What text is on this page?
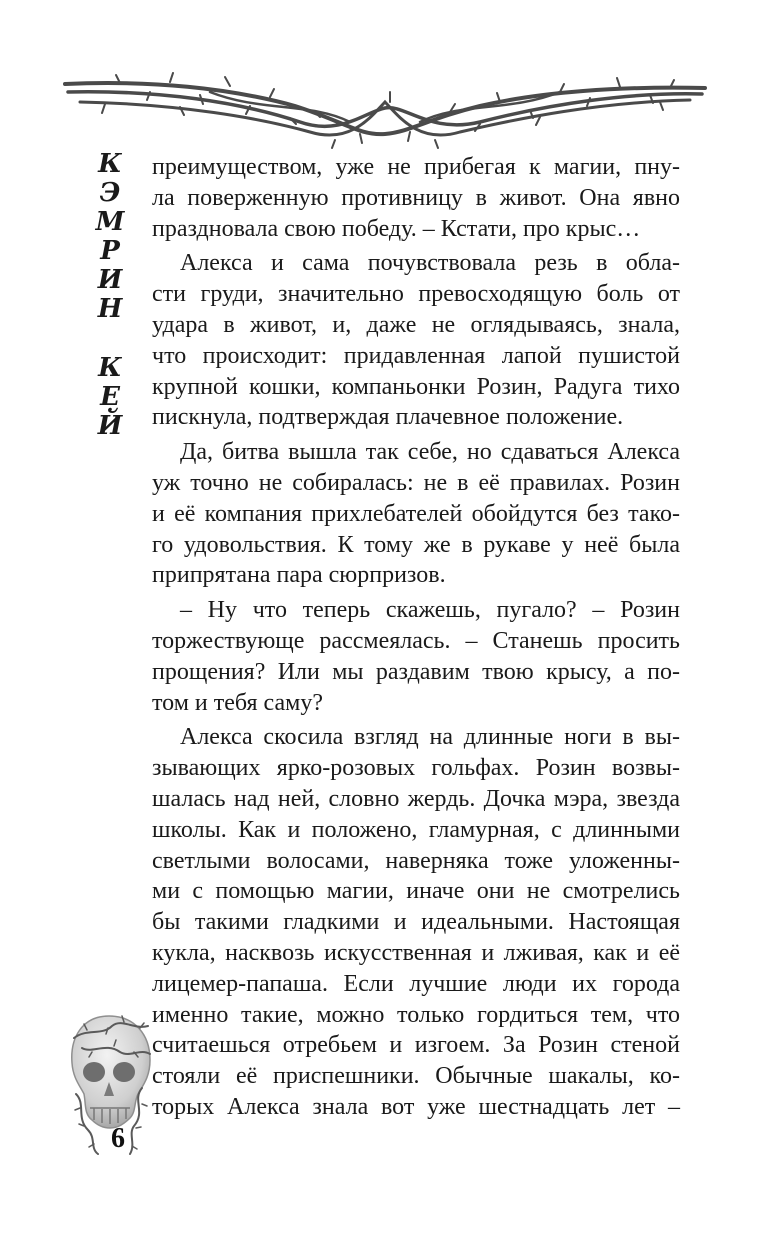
К
Э
М
Р
И
Н
К
Е
Й
преимуществом, уже не прибегая к магии, пну-
ла поверженную противницу в живот. Она явно
праздновала свою победу. – Кстати, про крыс…
Алекса и сама почувствовала резь в обла-
сти груди, значительно превосходящую боль от
удара в живот, и, даже не оглядываясь, знала,
что происходит: придавленная лапой пушистой
крупной кошки, компаньонки Розин, Радуга тихо
пискнула, подтверждая плачевное положение.
Да, битва вышла так себе, но сдаваться Алекса
уж точно не собиралась: не в её правилах. Розин
и её компания прихлебателей обойдутся без тако-
го удовольствия. К тому же в рукаве у неё была
припрятана пара сюрпризов.
– Ну что теперь скажешь, пугало? – Розин
торжествующе рассмеялась. – Станешь просить
прощения? Или мы раздавим твою крысу, а по-
том и тебя саму?
Алекса скосила взгляд на длинные ноги в вы-
зывающих ярко-розовых гольфах. Розин возвы-
шалась над ней, словно жердь. Дочка мэра, звезда
школы. Как и положено, гламурная, с длинными
светлыми волосами, наверняка тоже уложенны-
ми с помощью магии, иначе они не смотрелись
бы такими гладкими и идеальными. Настоящая
кукла, насквозь искусственная и лживая, как и её
лицемер-папаша. Если лучшие люди их города
именно такие, можно только гордиться тем, что
считаешься отребьем и изгоем. За Розин стеной
стояли её приспешники. Обычные шакалы, ко-
торых Алекса знала вот уже шестнадцать лет –
6
